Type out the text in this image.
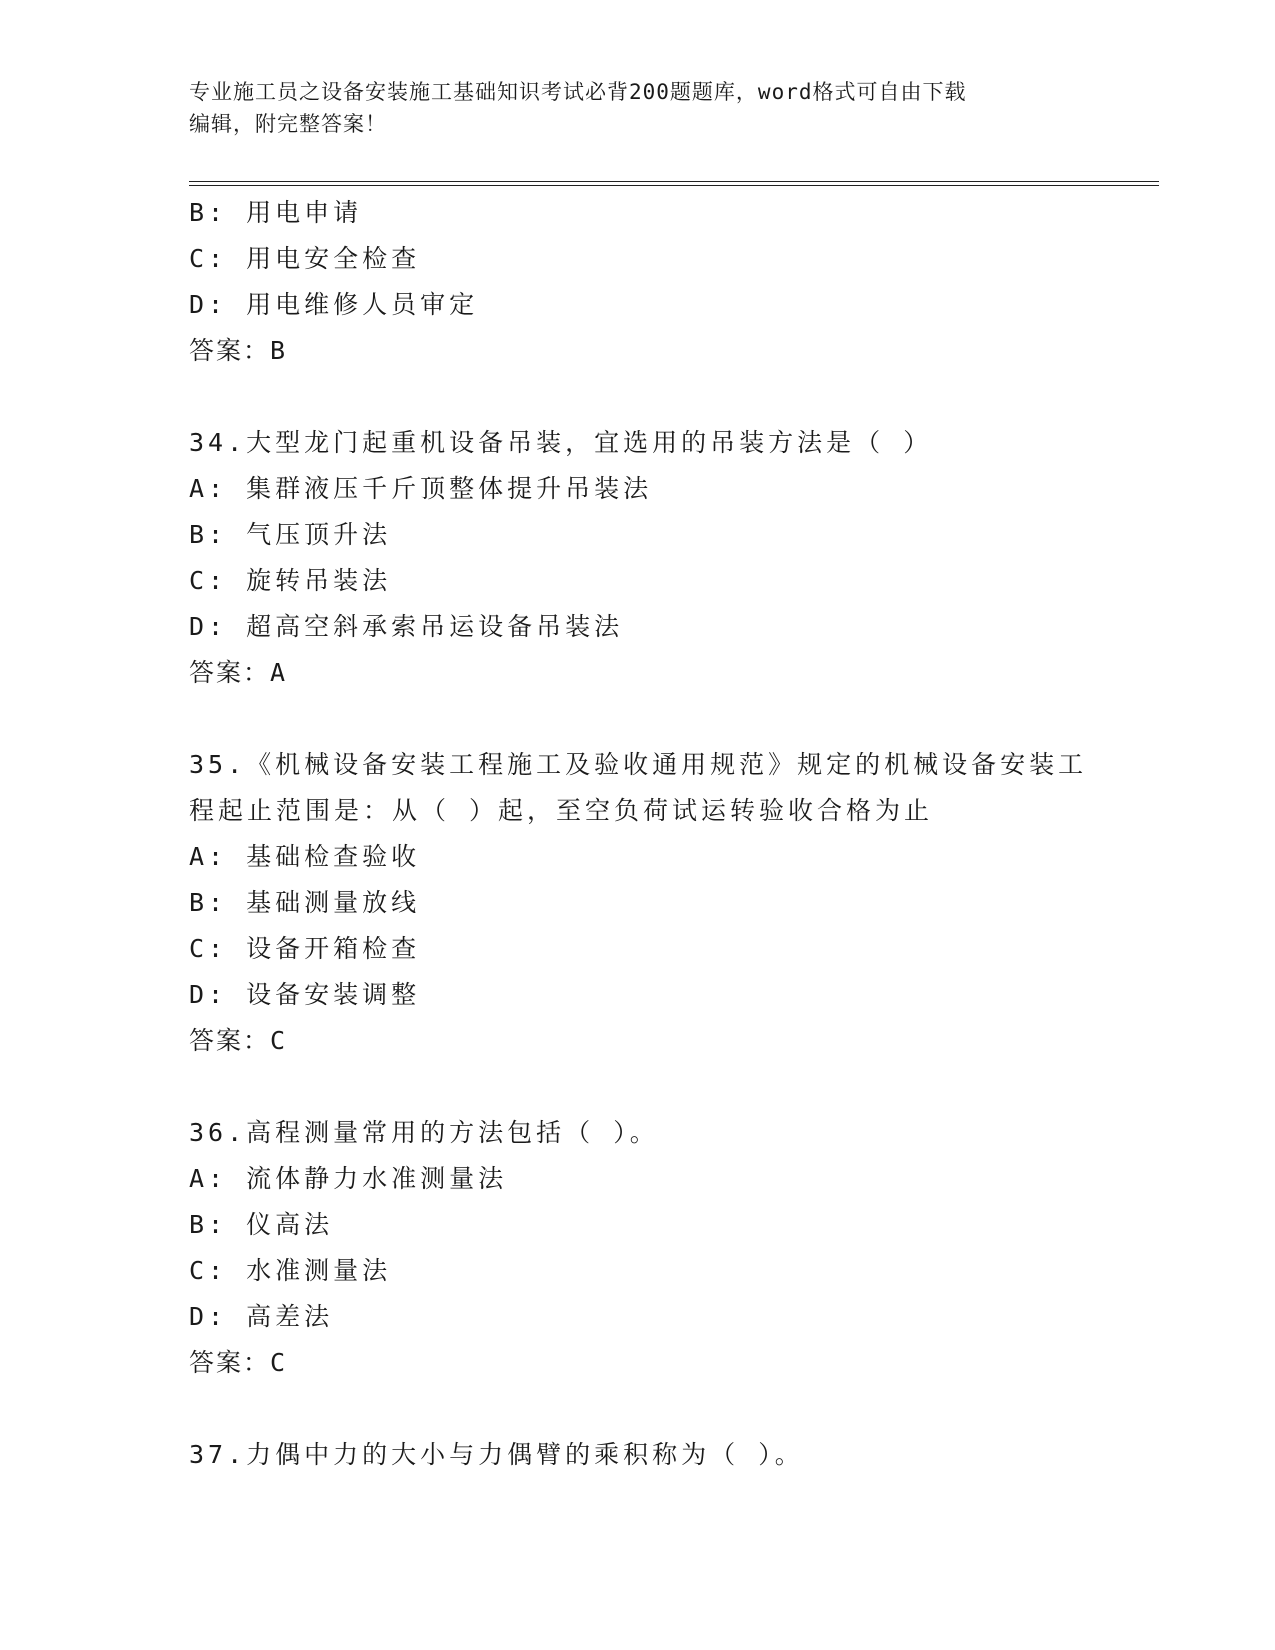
专业施工员之设备安装施工基础知识考试必背200题题库，word格式可自由下载
编辑，附完整答案！
B: 用电申请
C: 用电安全检查
D: 用电维修人员审定
答案：B
34.大型龙门起重机设备吊装，宜选用的吊装方法是（ ）
A: 集群液压千斤顶整体提升吊装法
B: 气压顶升法
C: 旋转吊装法
D: 超高空斜承索吊运设备吊装法
答案：A
35.《机械设备安装工程施工及验收通用规范》规定的机械设备安装工
程起止范围是：从（ ）起，至空负荷试运转验收合格为止
A: 基础检查验收
B: 基础测量放线
C: 设备开箱检查
D: 设备安装调整
答案：C
36.高程测量常用的方法包括（ ）。
A: 流体静力水准测量法
B: 仪高法
C: 水准测量法
D: 高差法
答案：C
37.力偶中力的大小与力偶臂的乘积称为（ ）。
